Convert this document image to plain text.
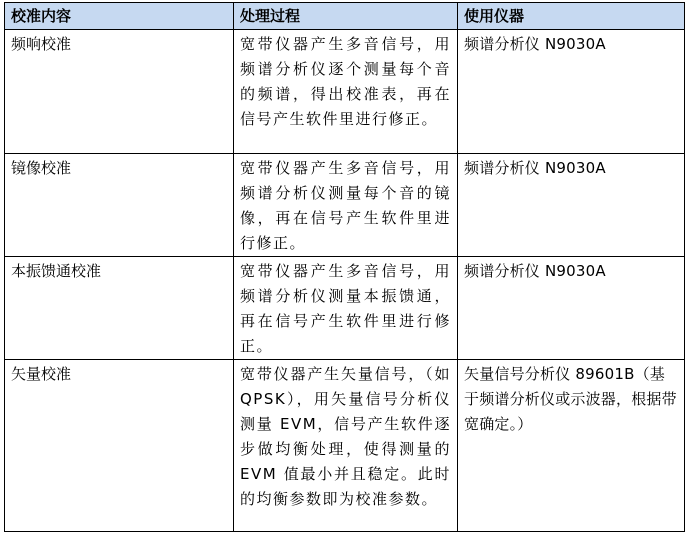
校准内容	处理过程	使用仪器
频响校准	宽带仪器产生多音信号，用频谱分析仪逐个测量每个音的频谱，得出校准表，再在信号产生软件里进行修正。	频谱分析仪 N9030A
镜像校准	宽带仪器产生多音信号，用频谱分析仪测量每个音的镜像，再在信号产生软件里进行修正。	频谱分析仪 N9030A
本振馈通校准	宽带仪器产生多音信号，用频谱分析仪测量本振馈通，再在信号产生软件里进行修正。	频谱分析仪 N9030A
矢量校准	宽带仪器产生矢量信号，（如 QPSK），用矢量信号分析仪测量 EVM，信号产生软件逐步做均衡处理，使得测量的 EVM 值最小并且稳定。此时的均衡参数即为校准参数。	矢量信号分析仪 89601B（基于频谱分析仪或示波器，根据带宽确定。）
